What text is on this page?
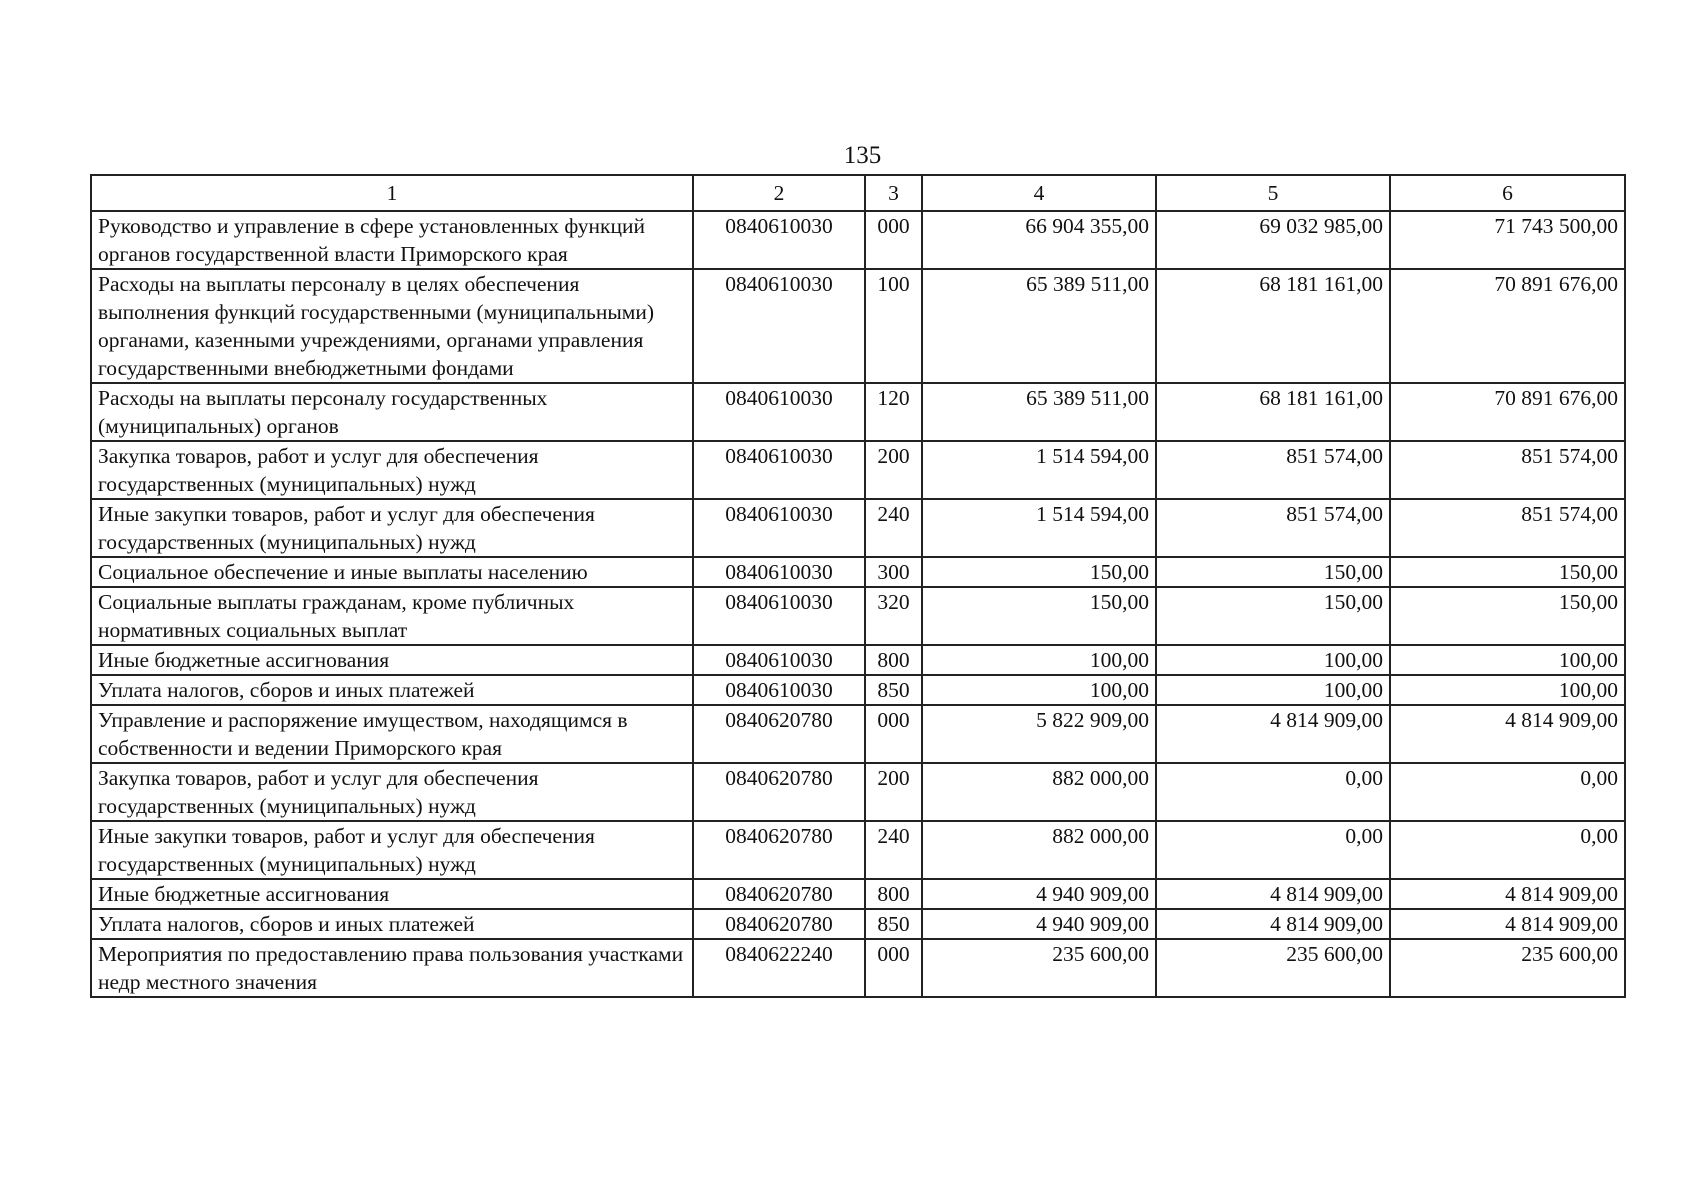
135
1	2	3	4	5	6
Руководство и управление в сфере установленных функций органов государственной власти Приморского края	0840610030	000	66 904 355,00	69 032 985,00	71 743 500,00
Расходы на выплаты персоналу в целях обеспечения выполнения функций государственными (муниципальными) органами, казенными учреждениями, органами управления государственными внебюджетными фондами	0840610030	100	65 389 511,00	68 181 161,00	70 891 676,00
Расходы на выплаты персоналу государственных (муниципальных) органов	0840610030	120	65 389 511,00	68 181 161,00	70 891 676,00
Закупка товаров, работ и услуг для обеспечения государственных (муниципальных) нужд	0840610030	200	1 514 594,00	851 574,00	851 574,00
Иные закупки товаров, работ и услуг для обеспечения государственных (муниципальных) нужд	0840610030	240	1 514 594,00	851 574,00	851 574,00
Социальное обеспечение и иные выплаты населению	0840610030	300	150,00	150,00	150,00
Социальные выплаты гражданам, кроме публичных нормативных социальных выплат	0840610030	320	150,00	150,00	150,00
Иные бюджетные ассигнования	0840610030	800	100,00	100,00	100,00
Уплата налогов, сборов и иных платежей	0840610030	850	100,00	100,00	100,00
Управление и распоряжение имуществом, находящимся в собственности и ведении Приморского края	0840620780	000	5 822 909,00	4 814 909,00	4 814 909,00
Закупка товаров, работ и услуг для обеспечения государственных (муниципальных) нужд	0840620780	200	882 000,00	0,00	0,00
Иные закупки товаров, работ и услуг для обеспечения государственных (муниципальных) нужд	0840620780	240	882 000,00	0,00	0,00
Иные бюджетные ассигнования	0840620780	800	4 940 909,00	4 814 909,00	4 814 909,00
Уплата налогов, сборов и иных платежей	0840620780	850	4 940 909,00	4 814 909,00	4 814 909,00
Мероприятия по предоставлению права пользования участками недр местного значения	0840622240	000	235 600,00	235 600,00	235 600,00
